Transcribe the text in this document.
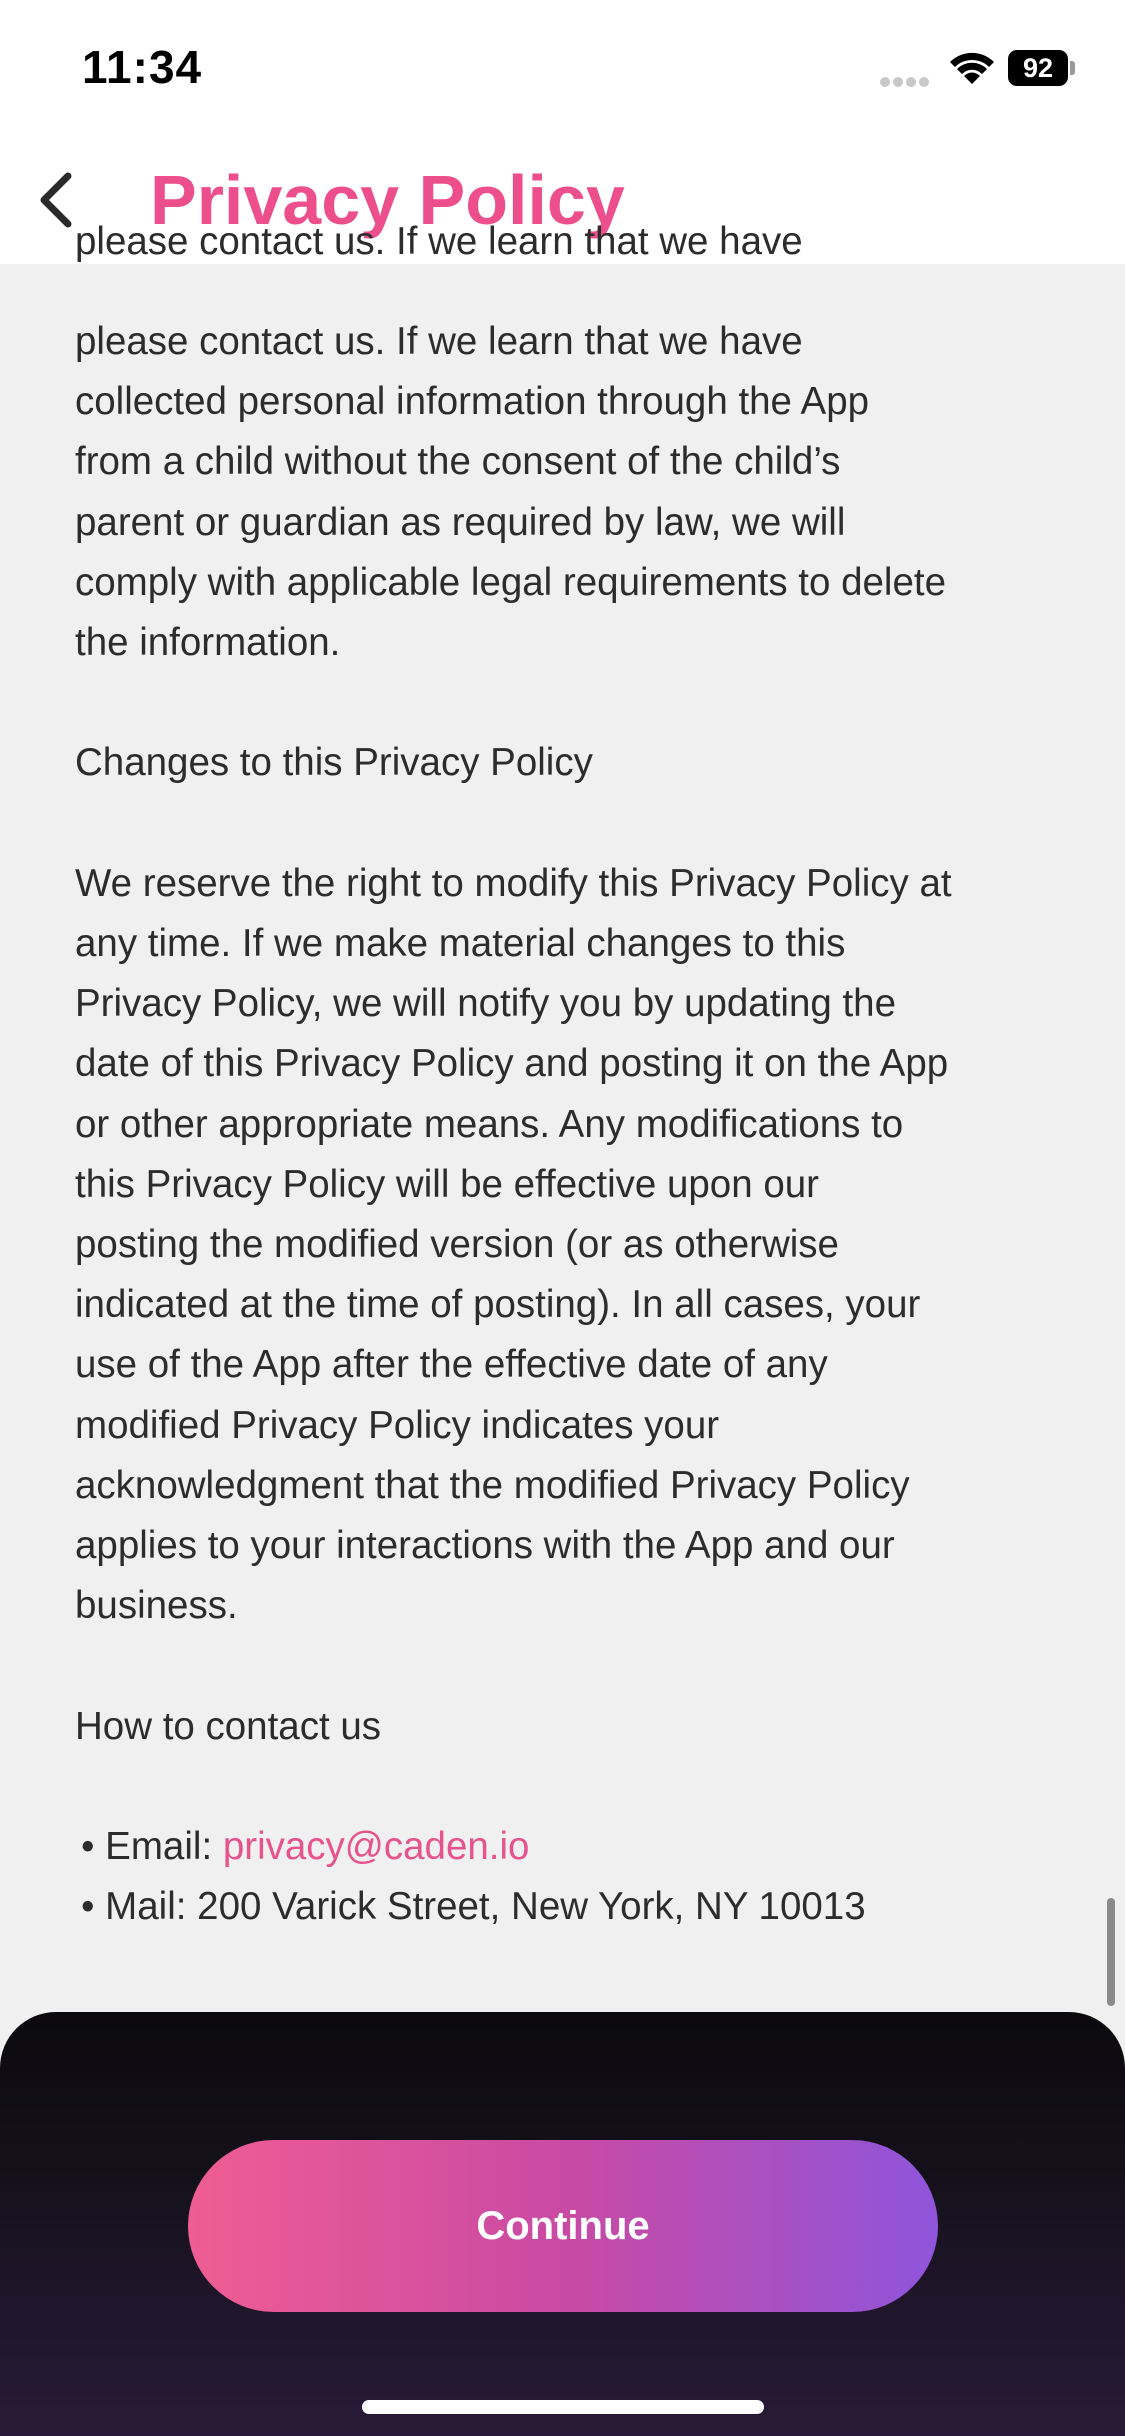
11:34	92
Privacy Policy
please contact us. If we learn that we have

please contact us. If we learn that we have
collected personal information through the App
from a child without the consent of the child’s
parent or guardian as required by law, we will
comply with applicable legal requirements to delete
the information.

Changes to this Privacy Policy

We reserve the right to modify this Privacy Policy at
any time. If we make material changes to this
Privacy Policy, we will notify you by updating the
date of this Privacy Policy and posting it on the App
or other appropriate means. Any modifications to
this Privacy Policy will be effective upon our
posting the modified version (or as otherwise
indicated at the time of posting). In all cases, your
use of the App after the effective date of any
modified Privacy Policy indicates your
acknowledgment that the modified Privacy Policy
applies to your interactions with the App and our
business.

How to contact us

• Email: privacy@caden.io
• Mail: 200 Varick Street, New York, NY 10013
Continue
